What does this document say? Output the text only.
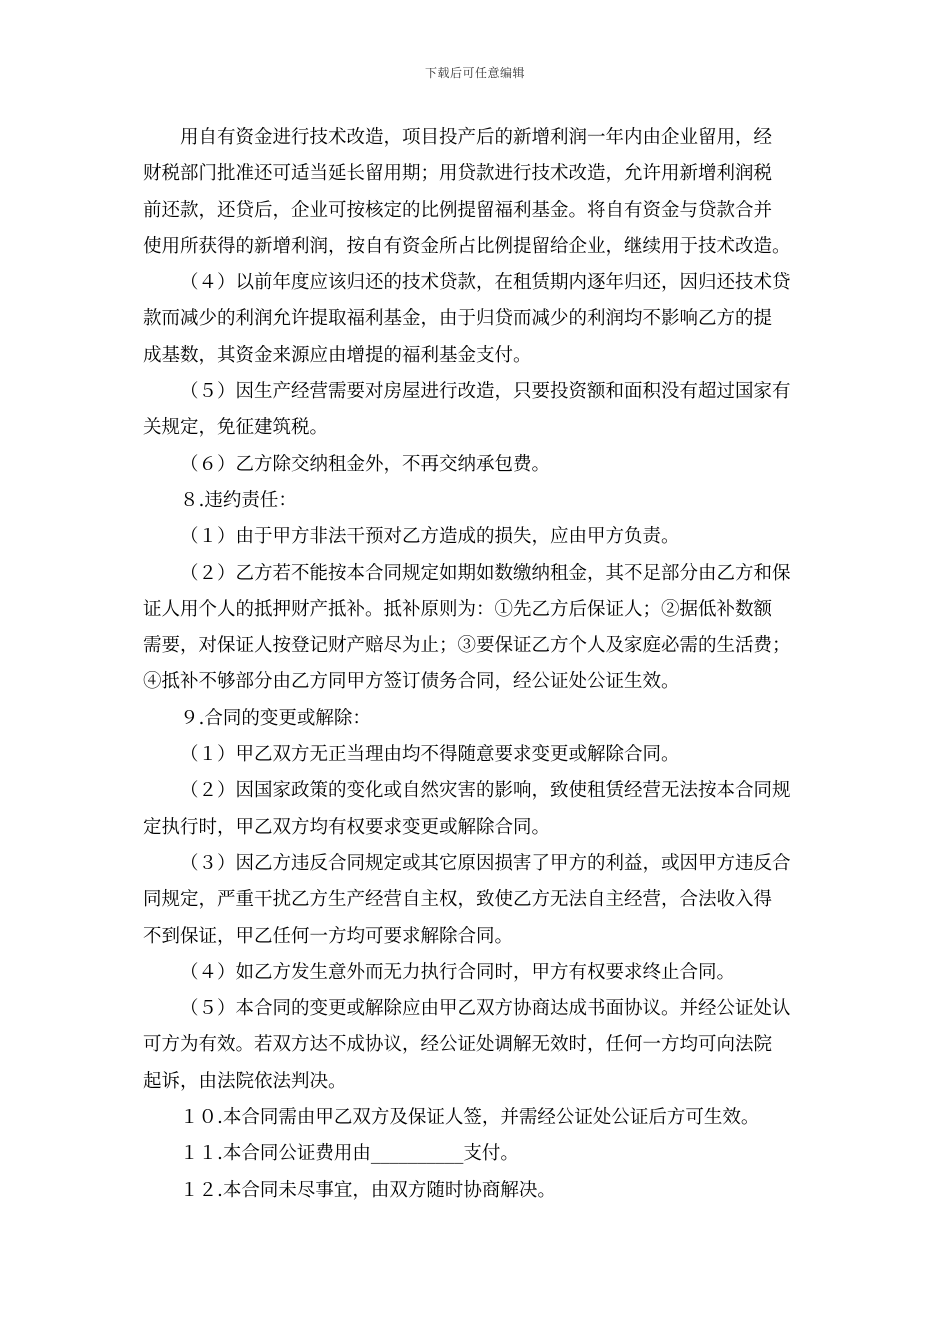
下载后可任意编辑
用自有资金进行技术改造，项目投产后的新增利润一年内由企业留用，经
财税部门批准还可适当延长留用期；用贷款进行技术改造，允许用新增利润税
前还款，还贷后，企业可按核定的比例提留福利基金。将自有资金与贷款合并
使用所获得的新增利润，按自有资金所占比例提留给企业，继续用于技术改造。
（４）以前年度应该归还的技术贷款，在租赁期内逐年归还，因归还技术贷
款而减少的利润允许提取福利基金，由于归贷而减少的利润均不影响乙方的提
成基数，其资金来源应由增提的福利基金支付。
（５）因生产经营需要对房屋进行改造，只要投资额和面积没有超过国家有
关规定，免征建筑税。
（６）乙方除交纳租金外，不再交纳承包费。
８.违约责任：
（１）由于甲方非法干预对乙方造成的损失，应由甲方负责。
（２）乙方若不能按本合同规定如期如数缴纳租金，其不足部分由乙方和保
证人用个人的抵押财产抵补。抵补原则为：①先乙方后保证人；②据低补数额
需要，对保证人按登记财产赔尽为止；③要保证乙方个人及家庭必需的生活费；
④抵补不够部分由乙方同甲方签订债务合同，经公证处公证生效。
９.合同的变更或解除：
（１）甲乙双方无正当理由均不得随意要求变更或解除合同。
（２）因国家政策的变化或自然灾害的影响，致使租赁经营无法按本合同规
定执行时，甲乙双方均有权要求变更或解除合同。
（３）因乙方违反合同规定或其它原因损害了甲方的利益，或因甲方违反合
同规定，严重干扰乙方生产经营自主权，致使乙方无法自主经营，合法收入得
不到保证，甲乙任何一方均可要求解除合同。
（４）如乙方发生意外而无力执行合同时，甲方有权要求终止合同。
（５）本合同的变更或解除应由甲乙双方协商达成书面协议。并经公证处认
可方为有效。若双方达不成协议，经公证处调解无效时，任何一方均可向法院
起诉，由法院依法判决。
１０.本合同需由甲乙双方及保证人签，并需经公证处公证后方可生效。
１１.本合同公证费用由__________支付。
１２.本合同未尽事宜，由双方随时协商解决。
